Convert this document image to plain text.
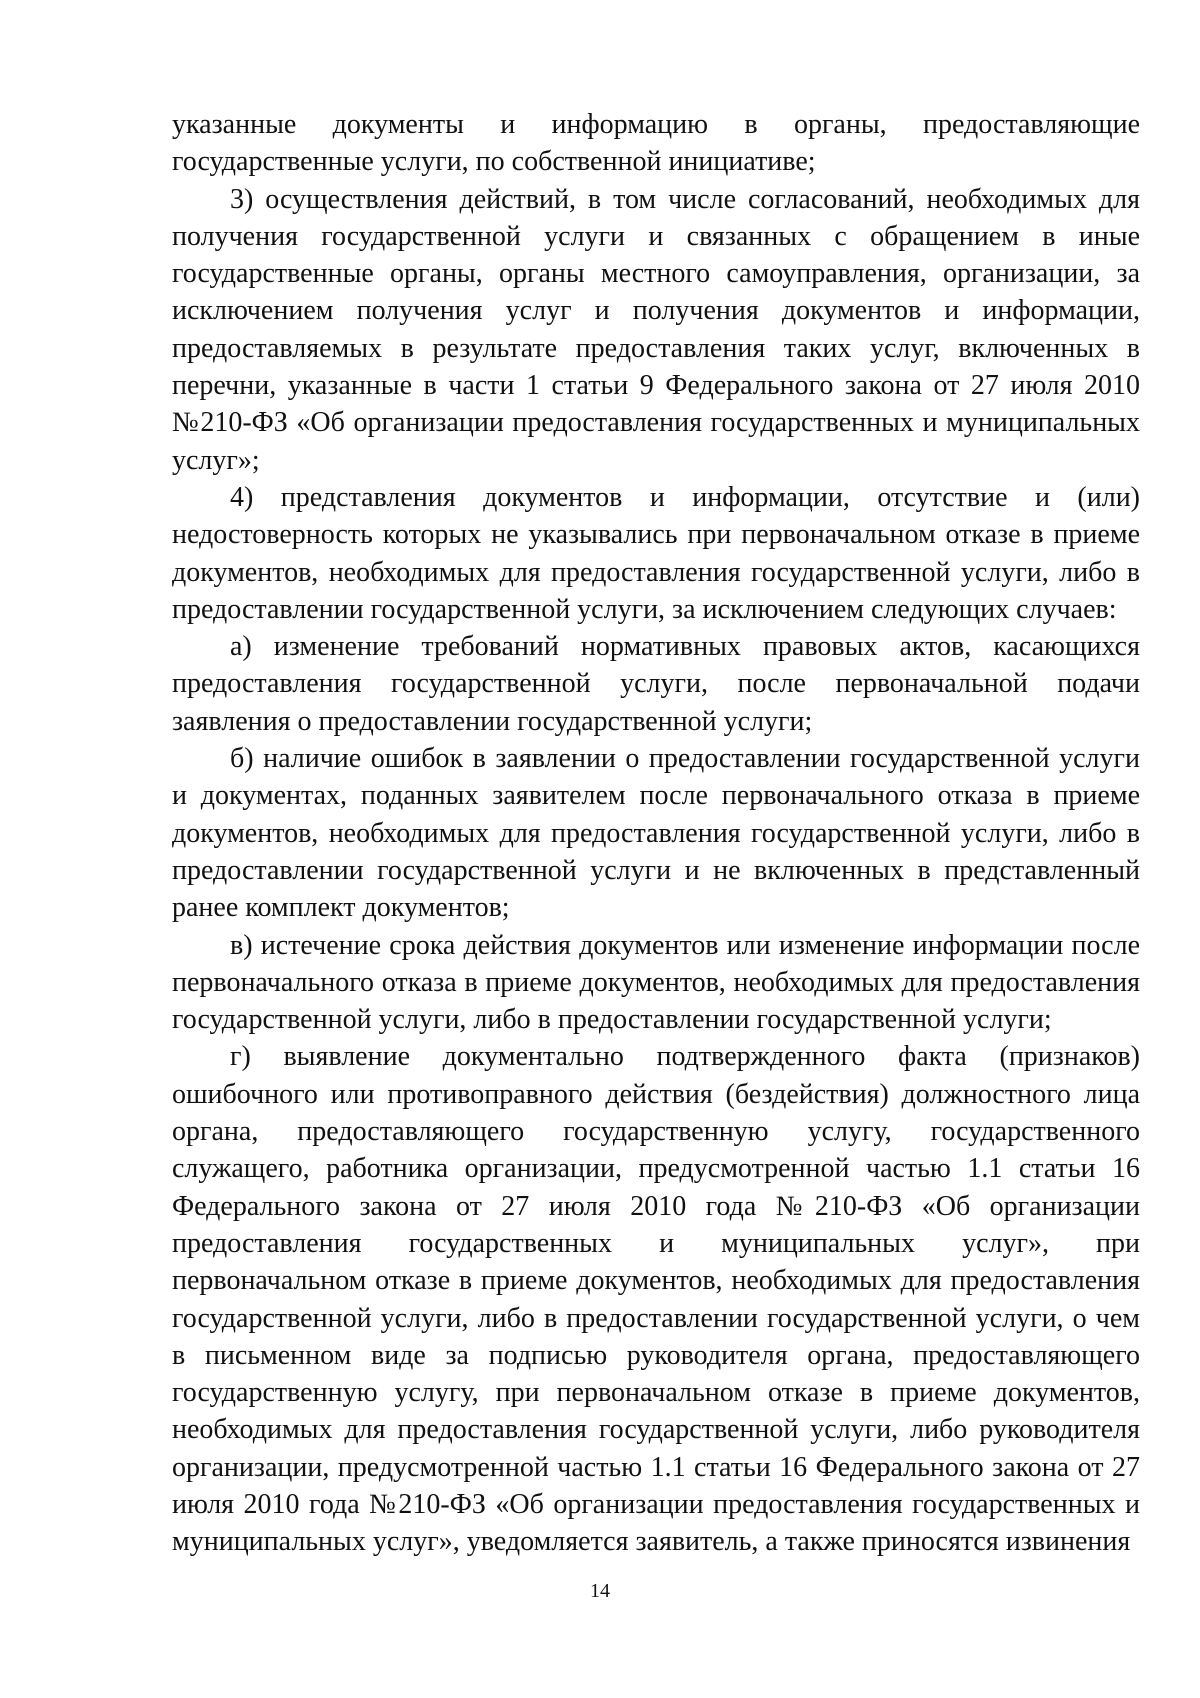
указанные документы и информацию в органы, предоставляющие государственные услуги, по собственной инициативе;

3) осуществления действий, в том числе согласований, необходимых для получения государственной услуги и связанных с обращением в иные государственные органы, органы местного самоуправления, организации, за исключением получения услуг и получения документов и информации, предоставляемых в результате предоставления таких услуг, включенных в перечни, указанные в части 1 статьи 9 Федерального закона от 27 июля 2010 №210-ФЗ «Об организации предоставления государственных и муниципальных услуг»;

4) представления документов и информации, отсутствие и (или) недостоверность которых не указывались при первоначальном отказе в приеме документов, необходимых для предоставления государственной услуги, либо в предоставлении государственной услуги, за исключением следующих случаев:

а) изменение требований нормативных правовых актов, касающихся предоставления государственной услуги, после первоначальной подачи заявления о предоставлении государственной услуги;

б) наличие ошибок в заявлении о предоставлении государственной услуги и документах, поданных заявителем после первоначального отказа в приеме документов, необходимых для предоставления государственной услуги, либо в предоставлении государственной услуги и не включенных в представленный ранее комплект документов;

в) истечение срока действия документов или изменение информации после первоначального отказа в приеме документов, необходимых для предоставления государственной услуги, либо в предоставлении государственной услуги;

г) выявление документально подтвержденного факта (признаков) ошибочного или противоправного действия (бездействия) должностного лица органа, предоставляющего государственную услугу, государственного служащего, работника организации, предусмотренной частью 1.1 статьи 16 Федерального закона от 27 июля 2010 года №210-ФЗ «Об организации предоставления государственных и муниципальных услуг», при первоначальном отказе в приеме документов, необходимых для предоставления государственной услуги, либо в предоставлении государственной услуги, о чем в письменном виде за подписью руководителя органа, предоставляющего государственную услугу, при первоначальном отказе в приеме документов, необходимых для предоставления государственной услуги, либо руководителя организации, предусмотренной частью 1.1 статьи 16 Федерального закона от 27 июля 2010 года №210-ФЗ «Об организации предоставления государственных и муниципальных услуг», уведомляется заявитель, а также приносятся извинения

14
